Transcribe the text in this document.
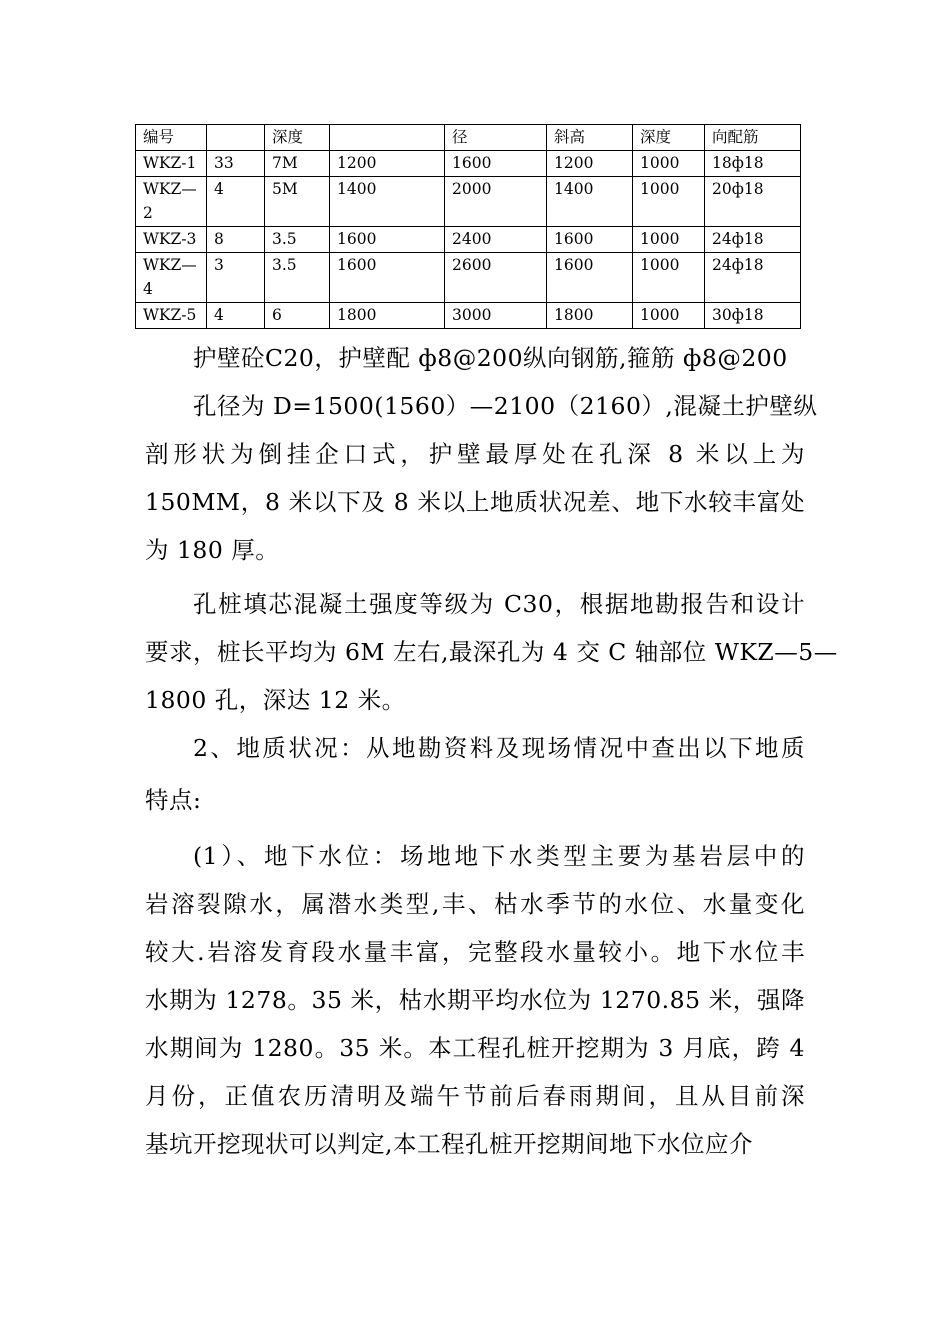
编号		深度		径	斜高	深度	向配筋
WKZ-1	33	7M	1200	1600	1200	1000	18ф18
WKZ—
2	4	5M	1400	2000	1400	1000	20ф18
WKZ-3	8	3.5	1600	2400	1600	1000	24ф18
WKZ—
4	3	3.5	1600	2600	1600	1000	24ф18
WKZ-5	4	6	1800	3000	1800	1000	30ф18
护壁砼C20，护壁配 ф8@200纵向钢筋,箍筋 ф8@200
孔径为 D=1500(1560）—2100（2160）,混凝土护壁纵
剖形状为倒挂企口式，护壁最厚处在孔深 8 米以上为
150MM，8 米以下及 8 米以上地质状况差、地下水较丰富处
为 180 厚。
孔桩填芯混凝土强度等级为 C30，根据地勘报告和设计
要求，桩长平均为 6M 左右,最深孔为 4 交 C 轴部位 WKZ—5—
1800 孔，深达 12 米。
2、地质状况：从地勘资料及现场情况中查出以下地质
特点:
(1）、地下水位：场地地下水类型主要为基岩层中的
岩溶裂隙水，属潜水类型,丰、枯水季节的水位、水量变化
较大.岩溶发育段水量丰富，完整段水量较小。地下水位丰
水期为 1278。35 米，枯水期平均水位为 1270.85 米，强降
水期间为 1280。35 米。本工程孔桩开挖期为 3 月底，跨 4
月份，正值农历清明及端午节前后春雨期间，且从目前深
基坑开挖现状可以判定,本工程孔桩开挖期间地下水位应介
